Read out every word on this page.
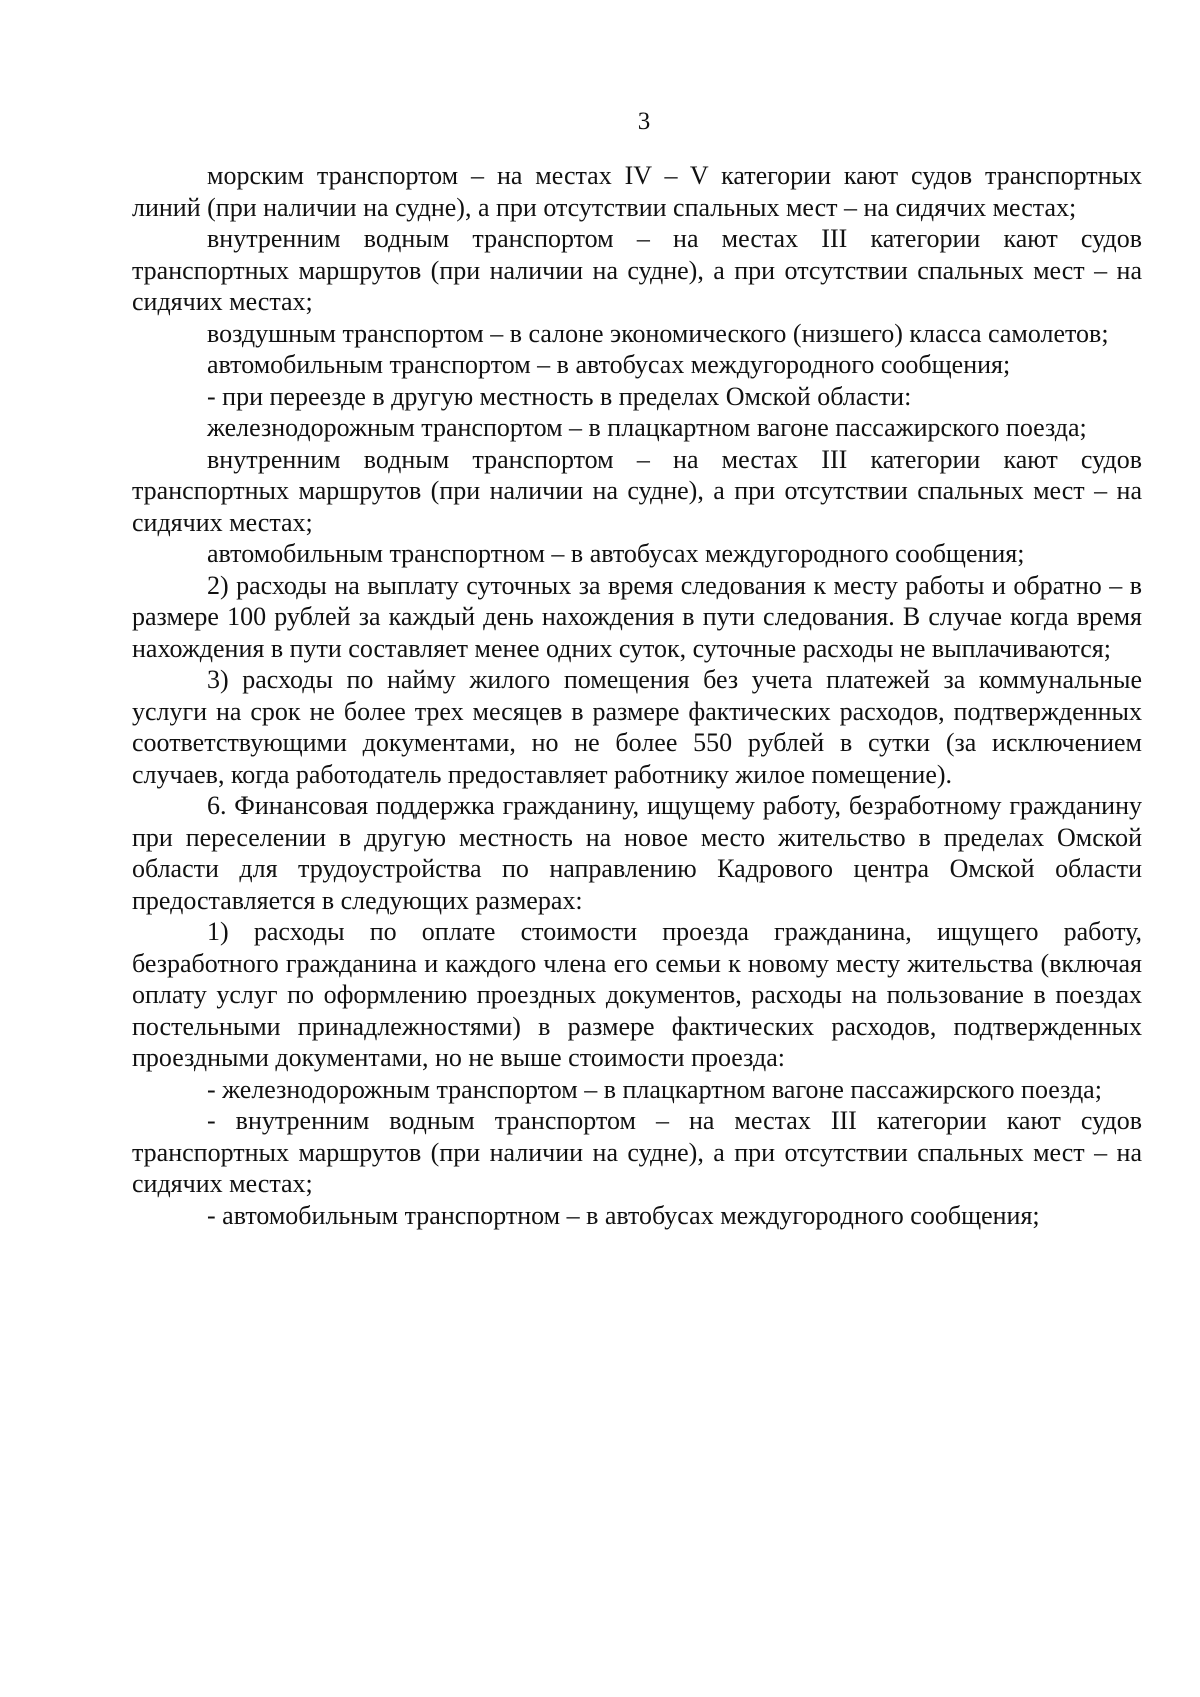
3

морским транспортом – на местах IV – V категории кают судов транспортных линий (при наличии на судне), а при отсутствии спальных мест – на сидячих местах;

внутренним водным транспортом – на местах III категории кают судов транспортных маршрутов (при наличии на судне), а при отсутствии спальных мест – на сидячих местах;

воздушным транспортом – в салоне экономического (низшего) класса самолетов;

автомобильным транспортом – в автобусах междугородного сообщения;

- при переезде в другую местность в пределах Омской области:

железнодорожным транспортом – в плацкартном вагоне пассажирского поезда;

внутренним водным транспортом – на местах III категории кают судов транспортных маршрутов (при наличии на судне), а при отсутствии спальных мест – на сидячих местах;

автомобильным транспортном – в автобусах междугородного сообщения;

2) расходы на выплату суточных за время следования к месту работы и обратно – в размере 100 рублей за каждый день нахождения в пути следования. В случае когда время нахождения в пути составляет менее одних суток, суточные расходы не выплачиваются;

3) расходы по найму жилого помещения без учета платежей за коммунальные услуги на срок не более трех месяцев в размере фактических расходов, подтвержденных соответствующими документами, но не более 550 рублей в сутки (за исключением случаев, когда работодатель предоставляет работнику жилое помещение).

6. Финансовая поддержка гражданину, ищущему работу, безработному гражданину при переселении в другую местность на новое место жительство в пределах Омской области для трудоустройства по направлению Кадрового центра Омской области предоставляется в следующих размерах:

1) расходы по оплате стоимости проезда гражданина, ищущего работу, безработного гражданина и каждого члена его семьи к новому месту жительства (включая оплату услуг по оформлению проездных документов, расходы на пользование в поездах постельными принадлежностями) в размере фактических расходов, подтвержденных проездными документами, но не выше стоимости проезда:

- железнодорожным транспортом – в плацкартном вагоне пассажирского поезда;

- внутренним водным транспортом – на местах III категории кают судов транспортных маршрутов (при наличии на судне), а при отсутствии спальных мест – на сидячих местах;

- автомобильным транспортном – в автобусах междугородного сообщения;
